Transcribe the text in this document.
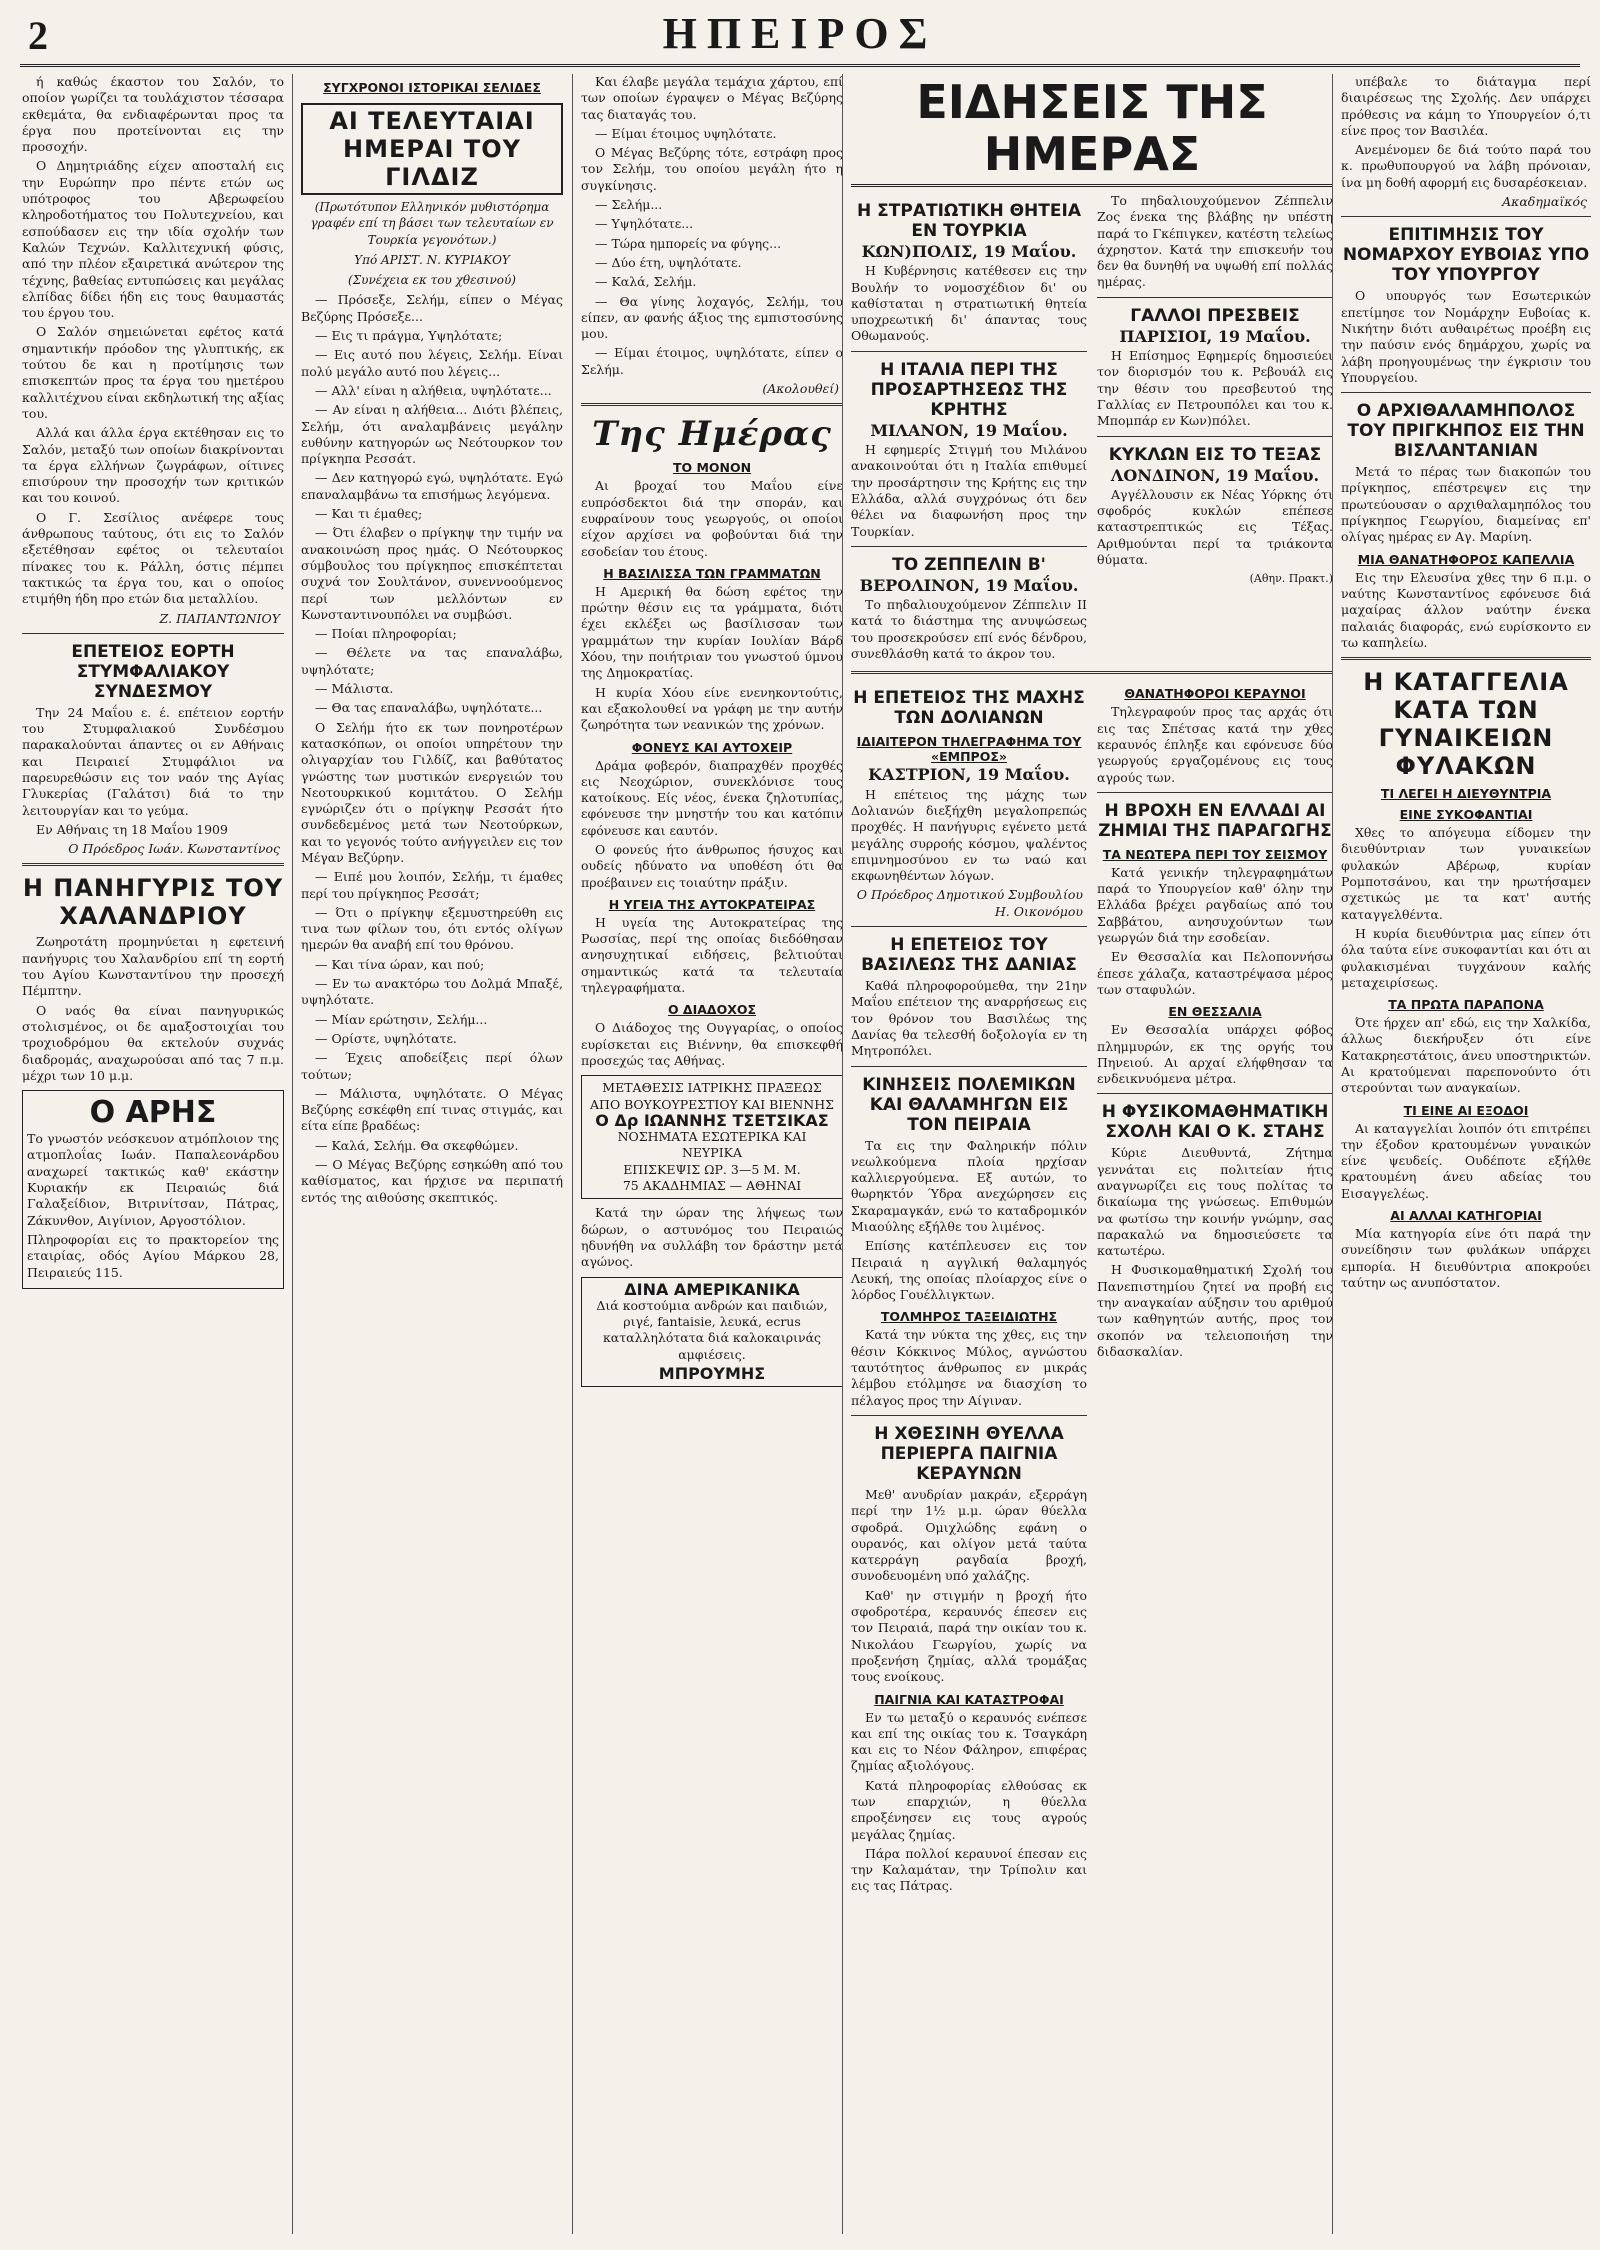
2	ΗΠΕΙΡΟΣ

ή καθώς έκαστον του Σαλόν, το οποίον γωρίζει τα τουλάχιστον τέσσαρα εκθεμάτα, θα ενδιαφέρωνται προς τα έργα που προτείνονται εις την προσοχήν.

Ο Δημητριάδης είχεν αποσταλή εις την Ευρώπην προ πέντε ετών ως υπότροφος του Αβερωφείου κληροδοτήματος του Πολυτεχνείου, και εσπούδασεν εις την ιδία σχολήν των Καλών Τεχνών. Καλλιτεχνική φύσις, από την πλέον εξαιρετικά ανώτερον της τέχνης, βαθείας εντυπώσεις και μεγάλας ελπίδας δίδει ήδη εις τους θαυμαστάς του έργου του.

Ο Σαλόν σημειώνεται εφέτος κατά σημαντικήν πρόοδον της γλυπτικής, εκ τούτου δε και η προτίμησις των επισκεπτών προς τα έργα του ημετέρου καλλιτέχνου είναι εκδηλωτική της αξίας του.

Αλλά και άλλα έργα εκτέθησαν εις το Σαλόν, μεταξύ των οποίων διακρίνονται τα έργα ελλήνων ζωγράφων, οίτινες επισύρουν την προσοχήν των κριτικών και του κοινού.

Ο Γ. Σεσίλιος ανέφερε τους άνθρωπους ταύτους, ότι εις το Σαλόν εξετέθησαν εφέτος οι τελευταίοι πίνακες του κ. Ράλλη, όστις πέμπει τακτικώς τα έργα του, και ο οποίος ετιμήθη ήδη προ ετών δια μεταλλίου.

Ζ. ΠΑΠΑΝΤΩΝΙΟΥ
ΕΠΕΤΕΙΟΣ ΕΟΡΤΗ ΣΤΥΜΦΑΛΙΑΚΟΥ ΣΥΝΔΕΣΜΟΥ

Την 24 Μαΐου ε. έ. επέτειον εορτήν του Στυμφαλιακού Συνδέσμου παρακαλούνται άπαντες οι εν Αθήναις και Πειραιεί Στυμφάλιοι να παρευρεθώσιν εις τον ναόν της Αγίας Γλυκερίας (Γαλάτσι) διά το την λειτουργίαν και το γεύμα.

Εν Αθήναις τη 18 Μαΐου 1909

Ο Πρόεδρος Ιωάν. Κωνσταντίνος
Η ΠΑΝΗΓΥΡΙΣ ΤΟΥ ΧΑΛΑΝΔΡΙΟΥ

Ζωηροτάτη προμηνύεται η εφετεινή πανήγυρις του Χαλανδρίου επί τη εορτή του Αγίου Κωνσταντίνου την προσεχή Πέμπτην.

Ο ναός θα είναι πανηγυρικώς στολισμένος, οι δε αμαξοστοιχίαι του τροχιοδρόμου θα εκτελούν συχνάς διαδρομάς, αναχωρούσαι από τας 7 π.μ. μέχρι των 10 μ.μ.

Ο ΑΡΗΣ

Το γνωστόν νεόσκευον ατμόπλοιον της ατμοπλοΐας Ιωάν. Παπαλεονάρδου αναχωρεί τακτικώς καθ' εκάστην Κυριακήν εκ Πειραιώς διά Γαλαξείδιον, Βιτρινίτσαν, Πάτρας, Ζάκυνθον, Αιγίνιον, Αργοστόλιον.

Πληροφορίαι εις το πρακτορείον της εταιρίας, οδός Αγίου Μάρκου 28, Πειραιεύς 115.

ΣΥΓΧΡΟΝΟΙ ΙΣΤΟΡΙΚΑΙ ΣΕΛΙΔΕΣ
ΑΙ ΤΕΛΕΥΤΑΙΑΙ ΗΜΕΡΑΙ ΤΟΥ ΓΙΛΔΙΖ
(Πρωτότυπον Ελληνικόν μυθιστόρημα γραφέν επί τη βάσει των τελευταίων εν Τουρκία γεγονότων.)
Υπό ΑΡΙΣΤ. Ν. ΚΥΡΙΑΚΟΥ
(Συνέχεια εκ του χθεσινού)

— Πρόσεξε, Σελήμ, είπεν ο Μέγας Βεζύρης Πρόσεξε...

— Εις τι πράγμα, Υψηλότατε;

— Εις αυτό που λέγεις, Σελήμ. Είναι πολύ μεγάλο αυτό που λέγεις...

— Αλλ' είναι η αλήθεια, υψηλότατε...

— Αν είναι η αλήθεια... Διότι βλέπεις, Σελήμ, ότι αναλαμβάνεις μεγάλην ευθύνην κατηγορών ως Νεότουρκον τον πρίγκηπα Ρεσσάτ.

— Δεν κατηγορώ εγώ, υψηλότατε. Εγώ επαναλαμβάνω τα επισήμως λεγόμενα.

— Και τι έμαθες;

— Ότι έλαβεν ο πρίγκηψ την τιμήν να ανακοινώση προς ημάς. Ο Νεότουρκος σύμβουλος του πρίγκηπος επισκέπτεται συχνά τον Σουλτάνον, συνεννοούμενος περί των μελλόντων εν Κωνσταντινουπόλει να συμβώσι.

— Ποίαι πληροφορίαι;

— Θέλετε να τας επαναλάβω, υψηλότατε;

— Μάλιστα.

— Θα τας επαναλάβω, υψηλότατε...

Ο Σελήμ ήτο εκ των πονηροτέρων κατασκόπων, οι οποίοι υπηρέτουν την ολιγαρχίαν του Γιλδίζ, και βαθύτατος γνώστης των μυστικών ενεργειών του Νεοτουρκικού κομιτάτου. Ο Σελήμ εγνώριζεν ότι ο πρίγκηψ Ρεσσάτ ήτο συνδεδεμένος μετά των Νεοτούρκων, και το γεγονός τούτο ανήγγειλεν εις τον Μέγαν Βεζύρην.

— Ειπέ μου λοιπόν, Σελήμ, τι έμαθες περί του πρίγκηπος Ρεσσάτ;

— Ότι ο πρίγκηψ εξεμυστηρεύθη εις τινα των φίλων του, ότι εντός ολίγων ημερών θα αναβή επί του θρόνου.

— Και τίνα ώραν, και πού;

— Εν τω ανακτόρω του Δολμά Μπαξέ, υψηλότατε.

— Μίαν ερώτησιν, Σελήμ...

— Ορίστε, υψηλότατε.

— Έχεις αποδείξεις περί όλων τούτων;

— Μάλιστα, υψηλότατε. Ο Μέγας Βεζύρης εσκέφθη επί τινας στιγμάς, και είτα είπε βραδέως:

— Καλά, Σελήμ. Θα σκεφθώμεν.

— Ο Μέγας Βεζύρης εσηκώθη από του καθίσματος, και ήρχισε να περιπατή εντός της αιθούσης σκεπτικός.

Και έλαβε μεγάλα τεμάχια χάρτου, επί των οποίων έγραψεν ο Μέγας Βεζύρης τας διαταγάς του.

— Είμαι έτοιμος υψηλότατε.

Ο Μέγας Βεζύρης τότε, εστράφη προς τον Σελήμ, του οποίου μεγάλη ήτο η συγκίνησις.

— Σελήμ...

— Υψηλότατε...

— Τώρα ημπορείς να φύγης...

— Δύο έτη, υψηλότατε.

— Καλά, Σελήμ.

— Θα γίνης λοχαγός, Σελήμ, του είπεν, αν φανής άξιος της εμπιστοσύνης μου.

— Είμαι έτοιμος, υψηλότατε, είπεν ο Σελήμ.

(Ακολουθεί)
Της Ημέρας
ΤΟ ΜΟΝΟΝ

Αι βροχαί του Μαΐου είνε ευπρόσδεκτοι διά την σποράν, και ευφραίνουν τους γεωργούς, οι οποίοι είχον αρχίσει να φοβούνται διά την εσοδείαν του έτους.

Η ΒΑΣΙΛΙΣΣΑ ΤΩΝ ΓΡΑΜΜΑΤΩΝ

Η Αμερική θα δώση εφέτος την πρώτην θέσιν εις τα γράμματα, διότι έχει εκλέξει ως βασίλισσαν των γραμμάτων την κυρίαν Ιουλίαν Βάρδ Χόου, την ποιήτριαν του γνωστού ύμνου της Δημοκρατίας.

Η κυρία Χόου είνε ενενηκοντούτις, και εξακολουθεί να γράφη με την αυτήν ζωηρότητα των νεανικών της χρόνων.

ΦΟΝΕΥΣ ΚΑΙ ΑΥΤΟΧΕΙΡ

Δράμα φοβερόν, διαπραχθέν προχθές εις Νεοχώριον, συνεκλόνισε τους κατοίκους. Είς νέος, ένεκα ζηλοτυπίας, εφόνευσε την μνηστήν του και κατόπιν εφόνευσε και εαυτόν.

Ο φονεύς ήτο άνθρωπος ήσυχος και ουδείς ηδύνατο να υποθέση ότι θα προέβαινεν εις τοιαύτην πράξιν.

Η ΥΓΕΙΑ ΤΗΣ ΑΥΤΟΚΡΑΤΕΙΡΑΣ

Η υγεία της Αυτοκρατείρας της Ρωσσίας, περί της οποίας διεδόθησαν ανησυχητικαί ειδήσεις, βελτιούται σημαντικώς κατά τα τελευταία τηλεγραφήματα.

Ο ΔΙΑΔΟΧΟΣ

Ο Διάδοχος της Ουγγαρίας, ο οποίος ευρίσκεται εις Βιέννην, θα επισκεφθή προσεχώς τας Αθήνας.

ΜΕΤΑΘΕΣΙΣ ΙΑΤΡΙΚΗΣ ΠΡΑΞΕΩΣ ΑΠΟ ΒΟΥΚΟΥΡΕΣΤΙΟΥ ΚΑΙ ΒΙΕΝΝΗΣ
Ο Δρ ΙΩΑΝΝΗΣ ΤΣΕΤΣΙΚΑΣ
ΝΟΣΗΜΑΤΑ ΕΣΩΤΕΡΙΚΑ ΚΑΙ ΝΕΥΡΙΚΑ
ΕΠΙΣΚΕΨΙΣ ΩΡ. 3—5 Μ. Μ.
75 ΑΚΑΔΗΜΙΑΣ — ΑΘΗΝΑΙ

Κατά την ώραν της λήψεως των δώρων, ο αστυνόμος του Πειραιώς ηδυνήθη να συλλάβη τον δράστην μετά αγώνος.

ΔΙΝΑ ΑΜΕΡΙΚΑΝΙΚΑ

Διά κοστούμια ανδρών και παιδιών, ριγέ, fantaisie, λευκά, ecrus καταλληλότατα διά καλοκαιρινάς αμφιέσεις.

ΜΠΡΟΥΜΗΣ
ΕΙΔΗΣΕΙΣ ΤΗΣ ΗΜΕΡΑΣ
Η ΣΤΡΑΤΙΩΤΙΚΗ ΘΗΤΕΙΑ ΕΝ ΤΟΥΡΚΙΑ
ΚΩΝ)ΠΟΛΙΣ, 19 Μαΐου.

Η Κυβέρνησις κατέθεσεν εις την Βουλήν το νομοσχέδιον δι' ου καθίσταται η στρατιωτική θητεία υποχρεωτική δι' άπαντας τους Οθωμανούς.

Η ΙΤΑΛΙΑ ΠΕΡΙ ΤΗΣ ΠΡΟΣΑΡΤΗΣΕΩΣ ΤΗΣ ΚΡΗΤΗΣ
ΜΙΛΑΝΟΝ, 19 Μαΐου.

Η εφημερίς Στιγμή του Μιλάνου ανακοινούται ότι η Ιταλία επιθυμεί την προσάρτησιν της Κρήτης εις την Ελλάδα, αλλά συγχρόνως ότι δεν θέλει να διαφωνήση προς την Τουρκίαν.

ΤΟ ΖΕΠΠΕΛΙΝ Β'
ΒΕΡΟΛΙΝΟΝ, 19 Μαΐου.

Το πηδαλιουχούμενον Ζέππελιν ΙΙ κατά το διάστημα της ανυψώσεως του προσεκρούσεν επί ενός δένδρου, συνεθλάσθη κατά το άκρον του.

Το πηδαλιουχούμενον Ζέππελιν Ζος ένεκα της βλάβης ην υπέστη παρά το Γκέπιγκεν, κατέστη τελείως άχρηστον. Κατά την επισκευήν του δεν θα δυνηθή να υψωθή επί πολλάς ημέρας.

ΓΑΛΛΟΙ ΠΡΕΣΒΕΙΣ
ΠΑΡΙΣΙΟΙ, 19 Μαΐου.

Η Επίσημος Εφημερίς δημοσιεύει τον διορισμόν του κ. Ρεβουάλ εις την θέσιν του πρεσβευτού της Γαλλίας εν Πετρουπόλει και του κ. Μπομπάρ εν Κων)πόλει.

ΚΥΚΛΩΝ ΕΙΣ ΤΟ ΤΕΞΑΣ
ΛΟΝΔΙΝΟΝ, 19 Μαΐου.

Αγγέλλουσιν εκ Νέας Υόρκης ότι σφοδρός κυκλών επέπεσε καταστρεπτικώς εις Τέξας. Αριθμούνται περί τα τριάκοντα θύματα.

(Αθην. Πρακτ.)
Η ΕΠΕΤΕΙΟΣ ΤΗΣ ΜΑΧΗΣ ΤΩΝ ΔΟΛΙΑΝΩΝ
ΙΔΙΑΙΤΕΡΟΝ ΤΗΛΕΓΡΑΦΗΜΑ ΤΟΥ «ΕΜΠΡΟΣ»
ΚΑΣΤΡΙΟΝ, 19 Μαΐου.

Η επέτειος της μάχης των Δολιανών διεξήχθη μεγαλοπρεπώς προχθές. Η πανήγυρις εγένετο μετά μεγάλης συρροής κόσμου, ψαλέντος επιμνημοσύνου εν τω ναώ και εκφωνηθέντων λόγων.

Ο Πρόεδρος Δημοτικού Συμβουλίου Η. Οικονόμου
Η ΕΠΕΤΕΙΟΣ ΤΟΥ ΒΑΣΙΛΕΩΣ ΤΗΣ ΔΑΝΙΑΣ

Καθά πληροφορούμεθα, την 21ην Μαΐου επέτειον της αναρρήσεως εις τον θρόνον του Βασιλέως της Δανίας θα τελεσθή δοξολογία εν τη Μητροπόλει.

ΚΙΝΗΣΕΙΣ ΠΟΛΕΜΙΚΩΝ ΚΑΙ ΘΑΛΑΜΗΓΩΝ ΕΙΣ ΤΟΝ ΠΕΙΡΑΙΑ

Τα εις την Φαληρικήν πόλιν νεωλκούμενα πλοία ηρχίσαν καλλιεργούμενα. Εξ αυτών, το θωρηκτόν Ύδρα ανεχώρησεν εις Σκαραμαγκάν, ενώ το καταδρομικόν Μιαούλης εξήλθε του λιμένος.

Επίσης κατέπλευσεν εις τον Πειραιά η αγγλική θαλαμηγός Λευκή, της οποίας πλοίαρχος είνε ο λόρδος Γουέλλιγκτων.

ΤΟΛΜΗΡΟΣ ΤΑΞΕΙΔΙΩΤΗΣ

Κατά την νύκτα της χθες, εις την θέσιν Κόκκινος Μύλος, αγνώστου ταυτότητος άνθρωπος εν μικράς λέμβου ετόλμησε να διασχίση το πέλαγος προς την Αίγιναν.

Η ΧΘΕΣΙΝΗ ΘΥΕΛΛΑ ΠΕΡΙΕΡΓΑ ΠΑΙΓΝΙΑ ΚΕΡΑΥΝΩΝ

Μεθ' ανυδρίαν μακράν, εξερράγη περί την 1½ μ.μ. ώραν θύελλα σφοδρά. Ομιχλώδης εφάνη ο ουρανός, και ολίγον μετά ταύτα κατερράγη ραγδαία βροχή, συνοδευομένη υπό χαλάζης.

Καθ' ην στιγμήν η βροχή ήτο σφοδροτέρα, κεραυνός έπεσεν εις τον Πειραιά, παρά την οικίαν του κ. Νικολάου Γεωργίου, χωρίς να προξενήση ζημίας, αλλά τρομάξας τους ενοίκους.

ΠΑΙΓΝΙΑ ΚΑΙ ΚΑΤΑΣΤΡΟΦΑΙ

Εν τω μεταξύ ο κεραυνός ενέπεσε και επί της οικίας του κ. Τσαγκάρη και εις το Νέον Φάληρον, επιφέρας ζημίας αξιολόγους.

Κατά πληροφορίας ελθούσας εκ των επαρχιών, η θύελλα επροξένησεν εις τους αγρούς μεγάλας ζημίας.

Πάρα πολλοί κεραυνοί έπεσαν εις την Καλαμάταν, την Τρίπολιν και εις τας Πάτρας.

ΘΑΝΑΤΗΦΟΡΟΙ ΚΕΡΑΥΝΟΙ

Τηλεγραφούν προς τας αρχάς ότι εις τας Σπέτσας κατά την χθες κεραυνός έπληξε και εφόνευσε δύο γεωργούς εργαζομένους εις τους αγρούς των.

Η ΒΡΟΧΗ ΕΝ ΕΛΛΑΔΙ ΑΙ ΖΗΜΙΑΙ ΤΗΣ ΠΑΡΑΓΩΓΗΣ
ΤΑ ΝΕΩΤΕΡΑ ΠΕΡΙ ΤΟΥ ΣΕΙΣΜΟΥ

Κατά γενικήν τηλεγραφημάτων παρά το Υπουργείον καθ' όλην την Ελλάδα βρέχει ραγδαίως από του Σαββάτου, ανησυχούντων των γεωργών διά την εσοδείαν.

Εν Θεσσαλία και Πελοποννήσω έπεσε χάλαζα, καταστρέψασα μέρος των σταφυλών.

ΕΝ ΘΕΣΣΑΛΙΑ

Εν Θεσσαλία υπάρχει φόβος πλημμυρών, εκ της οργής του Πηνειού. Αι αρχαί ελήφθησαν τα ενδεικνυόμενα μέτρα.

Η ΦΥΣΙΚΟΜΑΘΗΜΑΤΙΚΗ ΣΧΟΛΗ ΚΑΙ Ο Κ. ΣΤΑΗΣ

Κύριε Διευθυντά, Ζήτημα γεννάται εις πολιτείαν ήτις αναγνωρίζει εις τους πολίτας το δικαίωμα της γνώσεως. Επιθυμών να φωτίσω την κοινήν γνώμην, σας παρακαλώ να δημοσιεύσετε τα κατωτέρω.

Η Φυσικομαθηματική Σχολή του Πανεπιστημίου ζητεί να προβή εις την αναγκαίαν αύξησιν του αριθμού των καθηγητών αυτής, προς τον σκοπόν να τελειοποιήση την διδασκαλίαν.

υπέβαλε το διάταγμα περί διαιρέσεως της Σχολής. Δεν υπάρχει πρόθεσις να κάμη το Υπουργείον ό,τι είνε προς τον Βασιλέα.

Ανεμένομεν δε διά τούτο παρά του κ. πρωθυπουργού να λάβη πρόνοιαν, ίνα μη δοθή αφορμή εις δυσαρέσκειαν.

Ακαδημαϊκός
ΕΠΙΤΙΜΗΣΙΣ ΤΟΥ ΝΟΜΑΡΧΟΥ ΕΥΒΟΙΑΣ ΥΠΟ ΤΟΥ ΥΠΟΥΡΓΟΥ

Ο υπουργός των Εσωτερικών επετίμησε τον Νομάρχην Ευβοίας κ. Νικήτην διότι αυθαιρέτως προέβη εις την παύσιν ενός δημάρχου, χωρίς να λάβη προηγουμένως την έγκρισιν του Υπουργείου.

Ο ΑΡΧΙΘΑΛΑΜΗΠΟΛΟΣ ΤΟΥ ΠΡΙΓΚΗΠΟΣ ΕΙΣ ΤΗΝ ΒΙΣΛΑΝΤΑΝΙΑΝ

Μετά το πέρας των διακοπών του πρίγκηπος, επέστρεψεν εις την πρωτεύουσαν ο αρχιθαλαμηπόλος του πρίγκηπος Γεωργίου, διαμείνας επ' ολίγας ημέρας εν Αγ. Μαρίνη.

ΜΙΑ ΘΑΝΑΤΗΦΟΡΟΣ ΚΑΠΕΛΛΙΑ

Εις την Ελευσίνα χθες την 6 π.μ. ο ναύτης Κωνσταντίνος εφόνευσε διά μαχαίρας άλλον ναύτην ένεκα παλαιάς διαφοράς, ενώ ευρίσκοντο εν τω καπηλείω.

Η ΚΑΤΑΓΓΕΛΙΑ ΚΑΤΑ ΤΩΝ ΓΥΝΑΙΚΕΙΩΝ ΦΥΛΑΚΩΝ
ΤΙ ΛΕΓΕΙ Η ΔΙΕΥΘΥΝΤΡΙΑ
ΕΙΝΕ ΣΥΚΟΦΑΝΤΙΑΙ

Χθες το απόγευμα είδομεν την διευθύντριαν των γυναικείων φυλακών Αβέρωφ, κυρίαν Ρομποτσάνου, και την ηρωτήσαμεν σχετικώς με τα κατ' αυτής καταγγελθέντα.

Η κυρία διευθύντρια μας είπεν ότι όλα ταύτα είνε συκοφαντίαι και ότι αι φυλακισμέναι τυγχάνουν καλής μεταχειρίσεως.

ΤΑ ΠΡΩΤΑ ΠΑΡΑΠΟΝΑ

Ότε ήρχεν απ' εδώ, εις την Χαλκίδα, άλλως διεκήρυξεν ότι είνε Κατακρηεστάτοις, άνευ υποστηρικτών. Αι κρατούμεναι παρεπονούντο ότι στερούνται των αναγκαίων.

ΤΙ ΕΙΝΕ ΑΙ ΕΞΟΔΟΙ

Αι καταγγελίαι λοιπόν ότι επιτρέπει την έξοδον κρατουμένων γυναικών είνε ψευδείς. Ουδέποτε εξήλθε κρατουμένη άνευ αδείας του Εισαγγελέως.

ΑΙ ΑΛΛΑΙ ΚΑΤΗΓΟΡΙΑΙ

Μία κατηγορία είνε ότι παρά την συνείδησιν των φυλάκων υπάρχει εμπορία. Η διευθύντρια αποκρούει ταύτην ως ανυπόστατον.
